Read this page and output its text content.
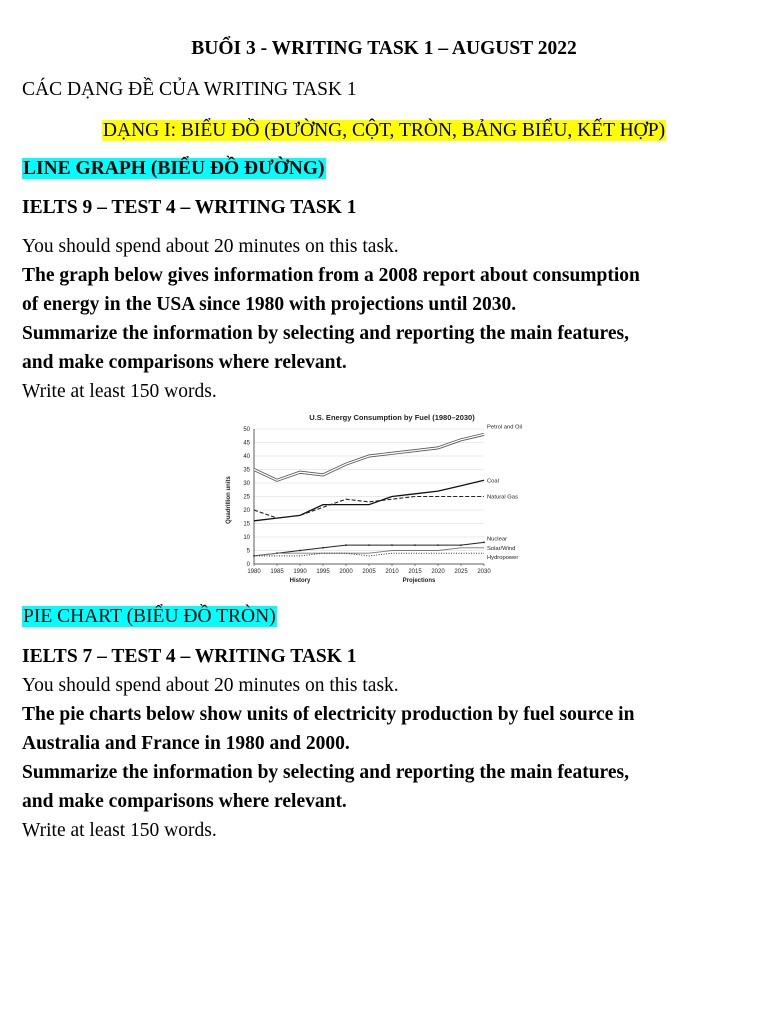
BUỔI 3 - WRITING TASK 1 – AUGUST 2022
CÁC DẠNG ĐỀ CỦA WRITING TASK 1
DẠNG I: BIỂU ĐỒ (ĐƯỜNG, CỘT, TRÒN, BẢNG BIỂU, KẾT HỢP)
LINE GRAPH (BIỂU ĐỒ ĐƯỜNG)
IELTS 9 – TEST 4 – WRITING TASK 1
You should spend about 20 minutes on this task.
The graph below gives information from a 2008 report about consumption
of energy in the USA since 1980 with projections until 2030.
Summarize the information by selecting and reporting the main features,
and make comparisons where relevant.
Write at least 150 words.
U.S. Energy Consumption by Fuel (1980–2030)
Quadrillion units
History	Projections
0
5
10
15
20
25
30
35
40
45
50
1980 1985 1990 1995 2000 2005 2010 2015 2020 2025 2030
Petrol and Oil
Coal
Natural Gas
Nuclear
Solar/Wind
Hydropower
PIE CHART (BIỂU ĐỒ TRÒN)
IELTS 7 – TEST 4 – WRITING TASK 1
You should spend about 20 minutes on this task.
The pie charts below show units of electricity production by fuel source in
Australia and France in 1980 and 2000.
Summarize the information by selecting and reporting the main features,
and make comparisons where relevant.
Write at least 150 words.
